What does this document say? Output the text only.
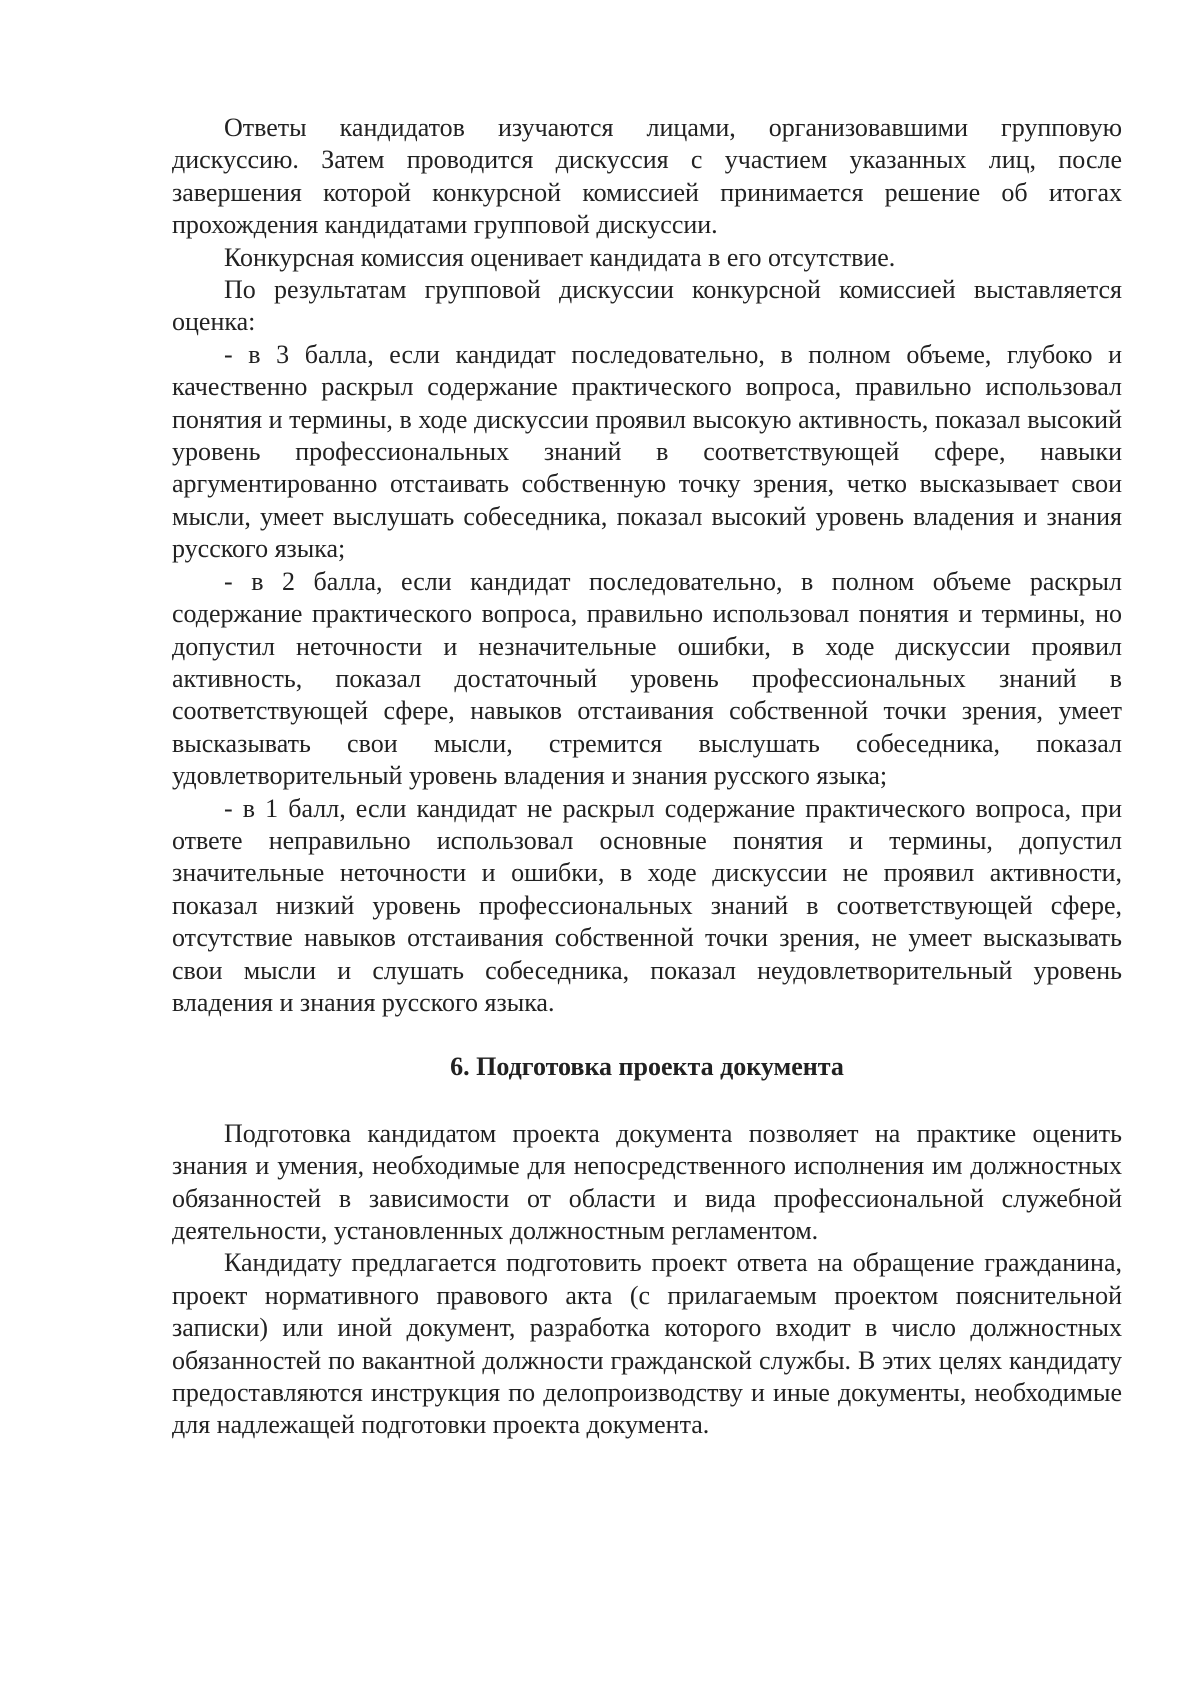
Ответы кандидатов изучаются лицами, организовавшими групповую дискуссию. Затем проводится дискуссия с участием указанных лиц, после завершения которой конкурсной комиссией принимается решение об итогах прохождения кандидатами групповой дискуссии.

Конкурсная комиссия оценивает кандидата в его отсутствие.

По результатам групповой дискуссии конкурсной комиссией выставляется оценка:

- в 3 балла, если кандидат последовательно, в полном объеме, глубоко и качественно раскрыл содержание практического вопроса, правильно использовал понятия и термины, в ходе дискуссии проявил высокую активность, показал высокий уровень профессиональных знаний в соответствующей сфере, навыки аргументированно отстаивать собственную точку зрения, четко высказывает свои мысли, умеет выслушать собеседника, показал высокий уровень владения и знания русского языка;

- в 2 балла, если кандидат последовательно, в полном объеме раскрыл содержание практического вопроса, правильно использовал понятия и термины, но допустил неточности и незначительные ошибки, в ходе дискуссии проявил активность, показал достаточный уровень профессиональных знаний в соответствующей сфере, навыков отстаивания собственной точки зрения, умеет высказывать свои мысли, стремится выслушать собеседника, показал удовлетворительный уровень владения и знания русского языка;

- в 1 балл, если кандидат не раскрыл содержание практического вопроса, при ответе неправильно использовал основные понятия и термины, допустил значительные неточности и ошибки, в ходе дискуссии не проявил активности, показал низкий уровень профессиональных знаний в соответствующей сфере, отсутствие навыков отстаивания собственной точки зрения, не умеет высказывать свои мысли и слушать собеседника, показал неудовлетворительный уровень владения и знания русского языка.

6. Подготовка проекта документа

Подготовка кандидатом проекта документа позволяет на практике оценить знания и умения, необходимые для непосредственного исполнения им должностных обязанностей в зависимости от области и вида профессиональной служебной деятельности, установленных должностным регламентом.

Кандидату предлагается подготовить проект ответа на обращение гражданина, проект нормативного правового акта (с прилагаемым проектом пояснительной записки) или иной документ, разработка которого входит в число должностных обязанностей по вакантной должности гражданской службы. В этих целях кандидату предоставляются инструкция по делопроизводству и иные документы, необходимые для надлежащей подготовки проекта документа.
